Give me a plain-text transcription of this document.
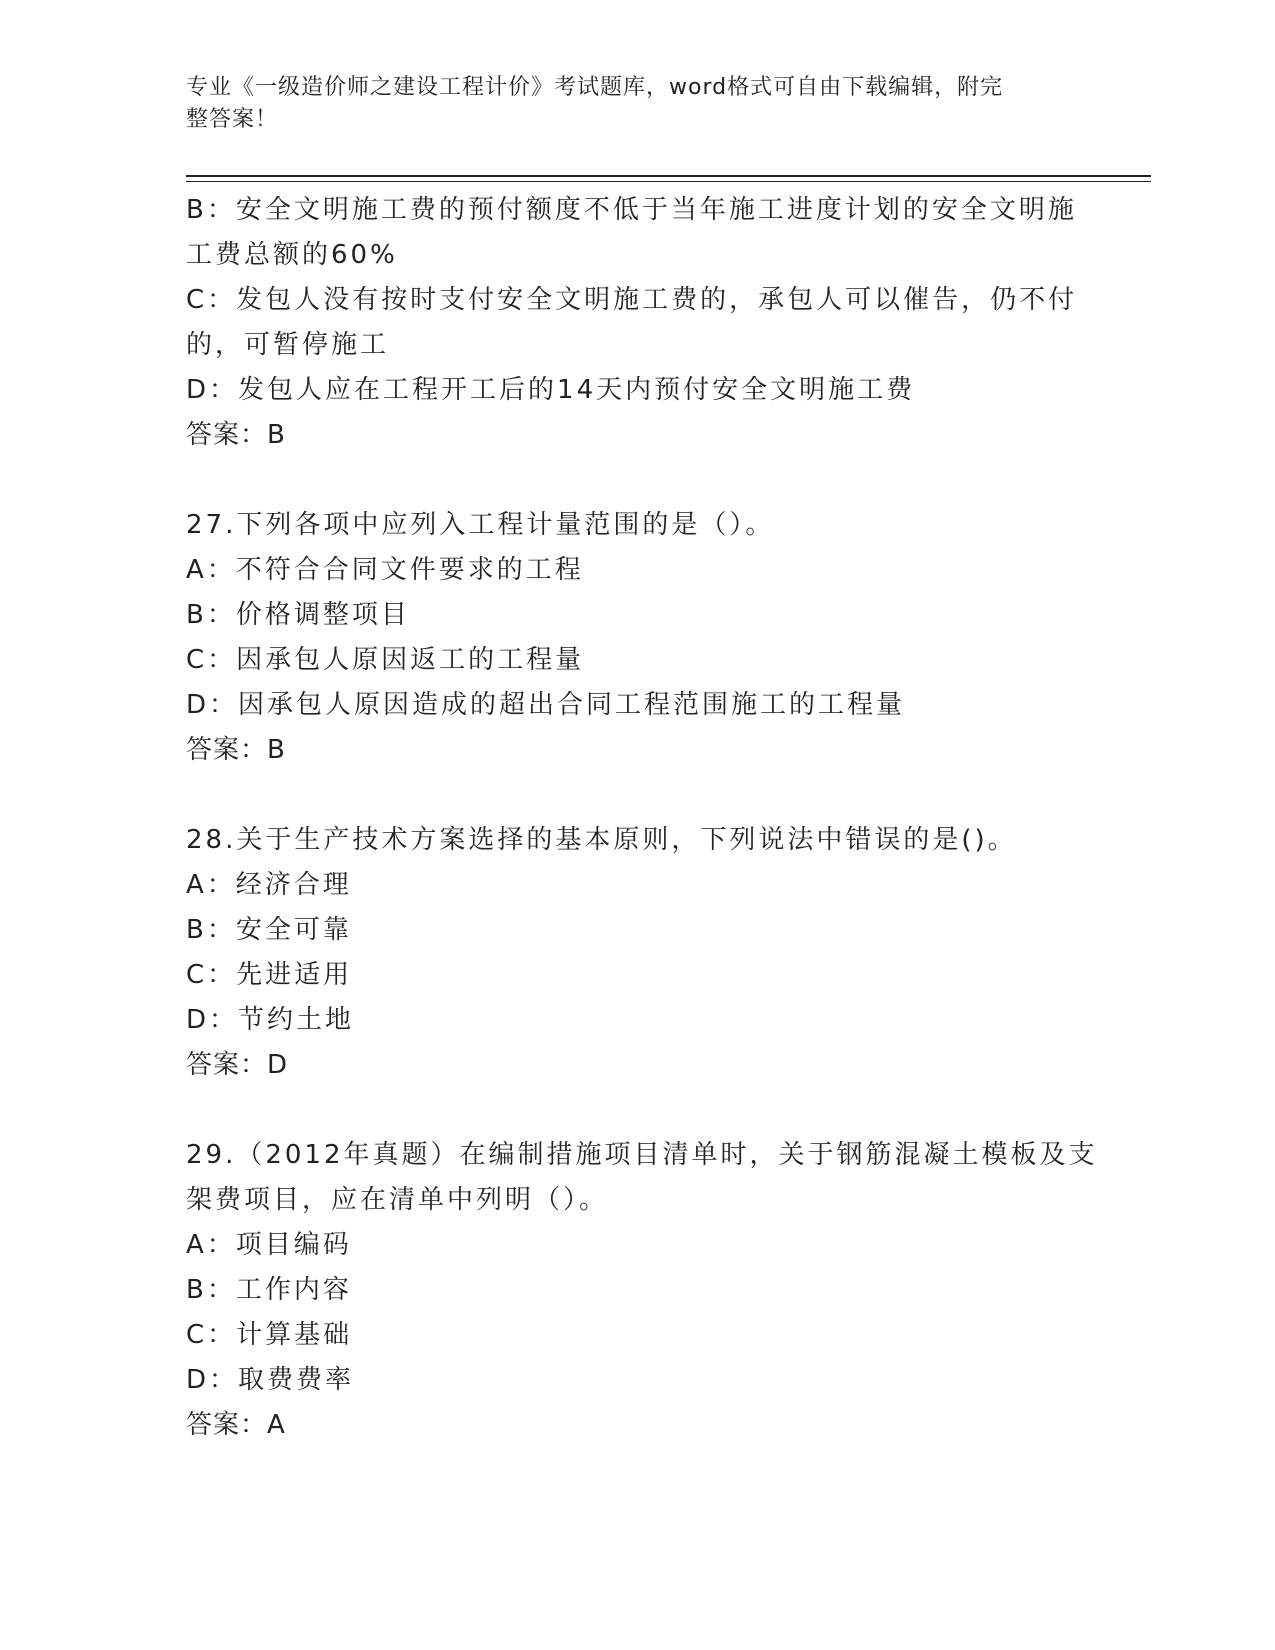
专业《一级造价师之建设工程计价》考试题库，word格式可自由下载编辑，附完
整答案！

B：安全文明施工费的预付额度不低于当年施工进度计划的安全文明施

工费总额的60%

C：发包人没有按时支付安全文明施工费的，承包人可以催告，仍不付

的，可暂停施工

D：发包人应在工程开工后的14天内预付安全文明施工费

答案：B

27.下列各项中应列入工程计量范围的是（）。

A：不符合合同文件要求的工程

B：价格调整项目

C：因承包人原因返工的工程量

D：因承包人原因造成的超出合同工程范围施工的工程量

答案：B

28.关于生产技术方案选择的基本原则，下列说法中错误的是()。

A：经济合理

B：安全可靠

C：先进适用

D：节约土地

答案：D

29.（2012年真题）在编制措施项目清单时，关于钢筋混凝土模板及支

架费项目，应在清单中列明（）。

A：项目编码

B：工作内容

C：计算基础

D：取费费率

答案：A
